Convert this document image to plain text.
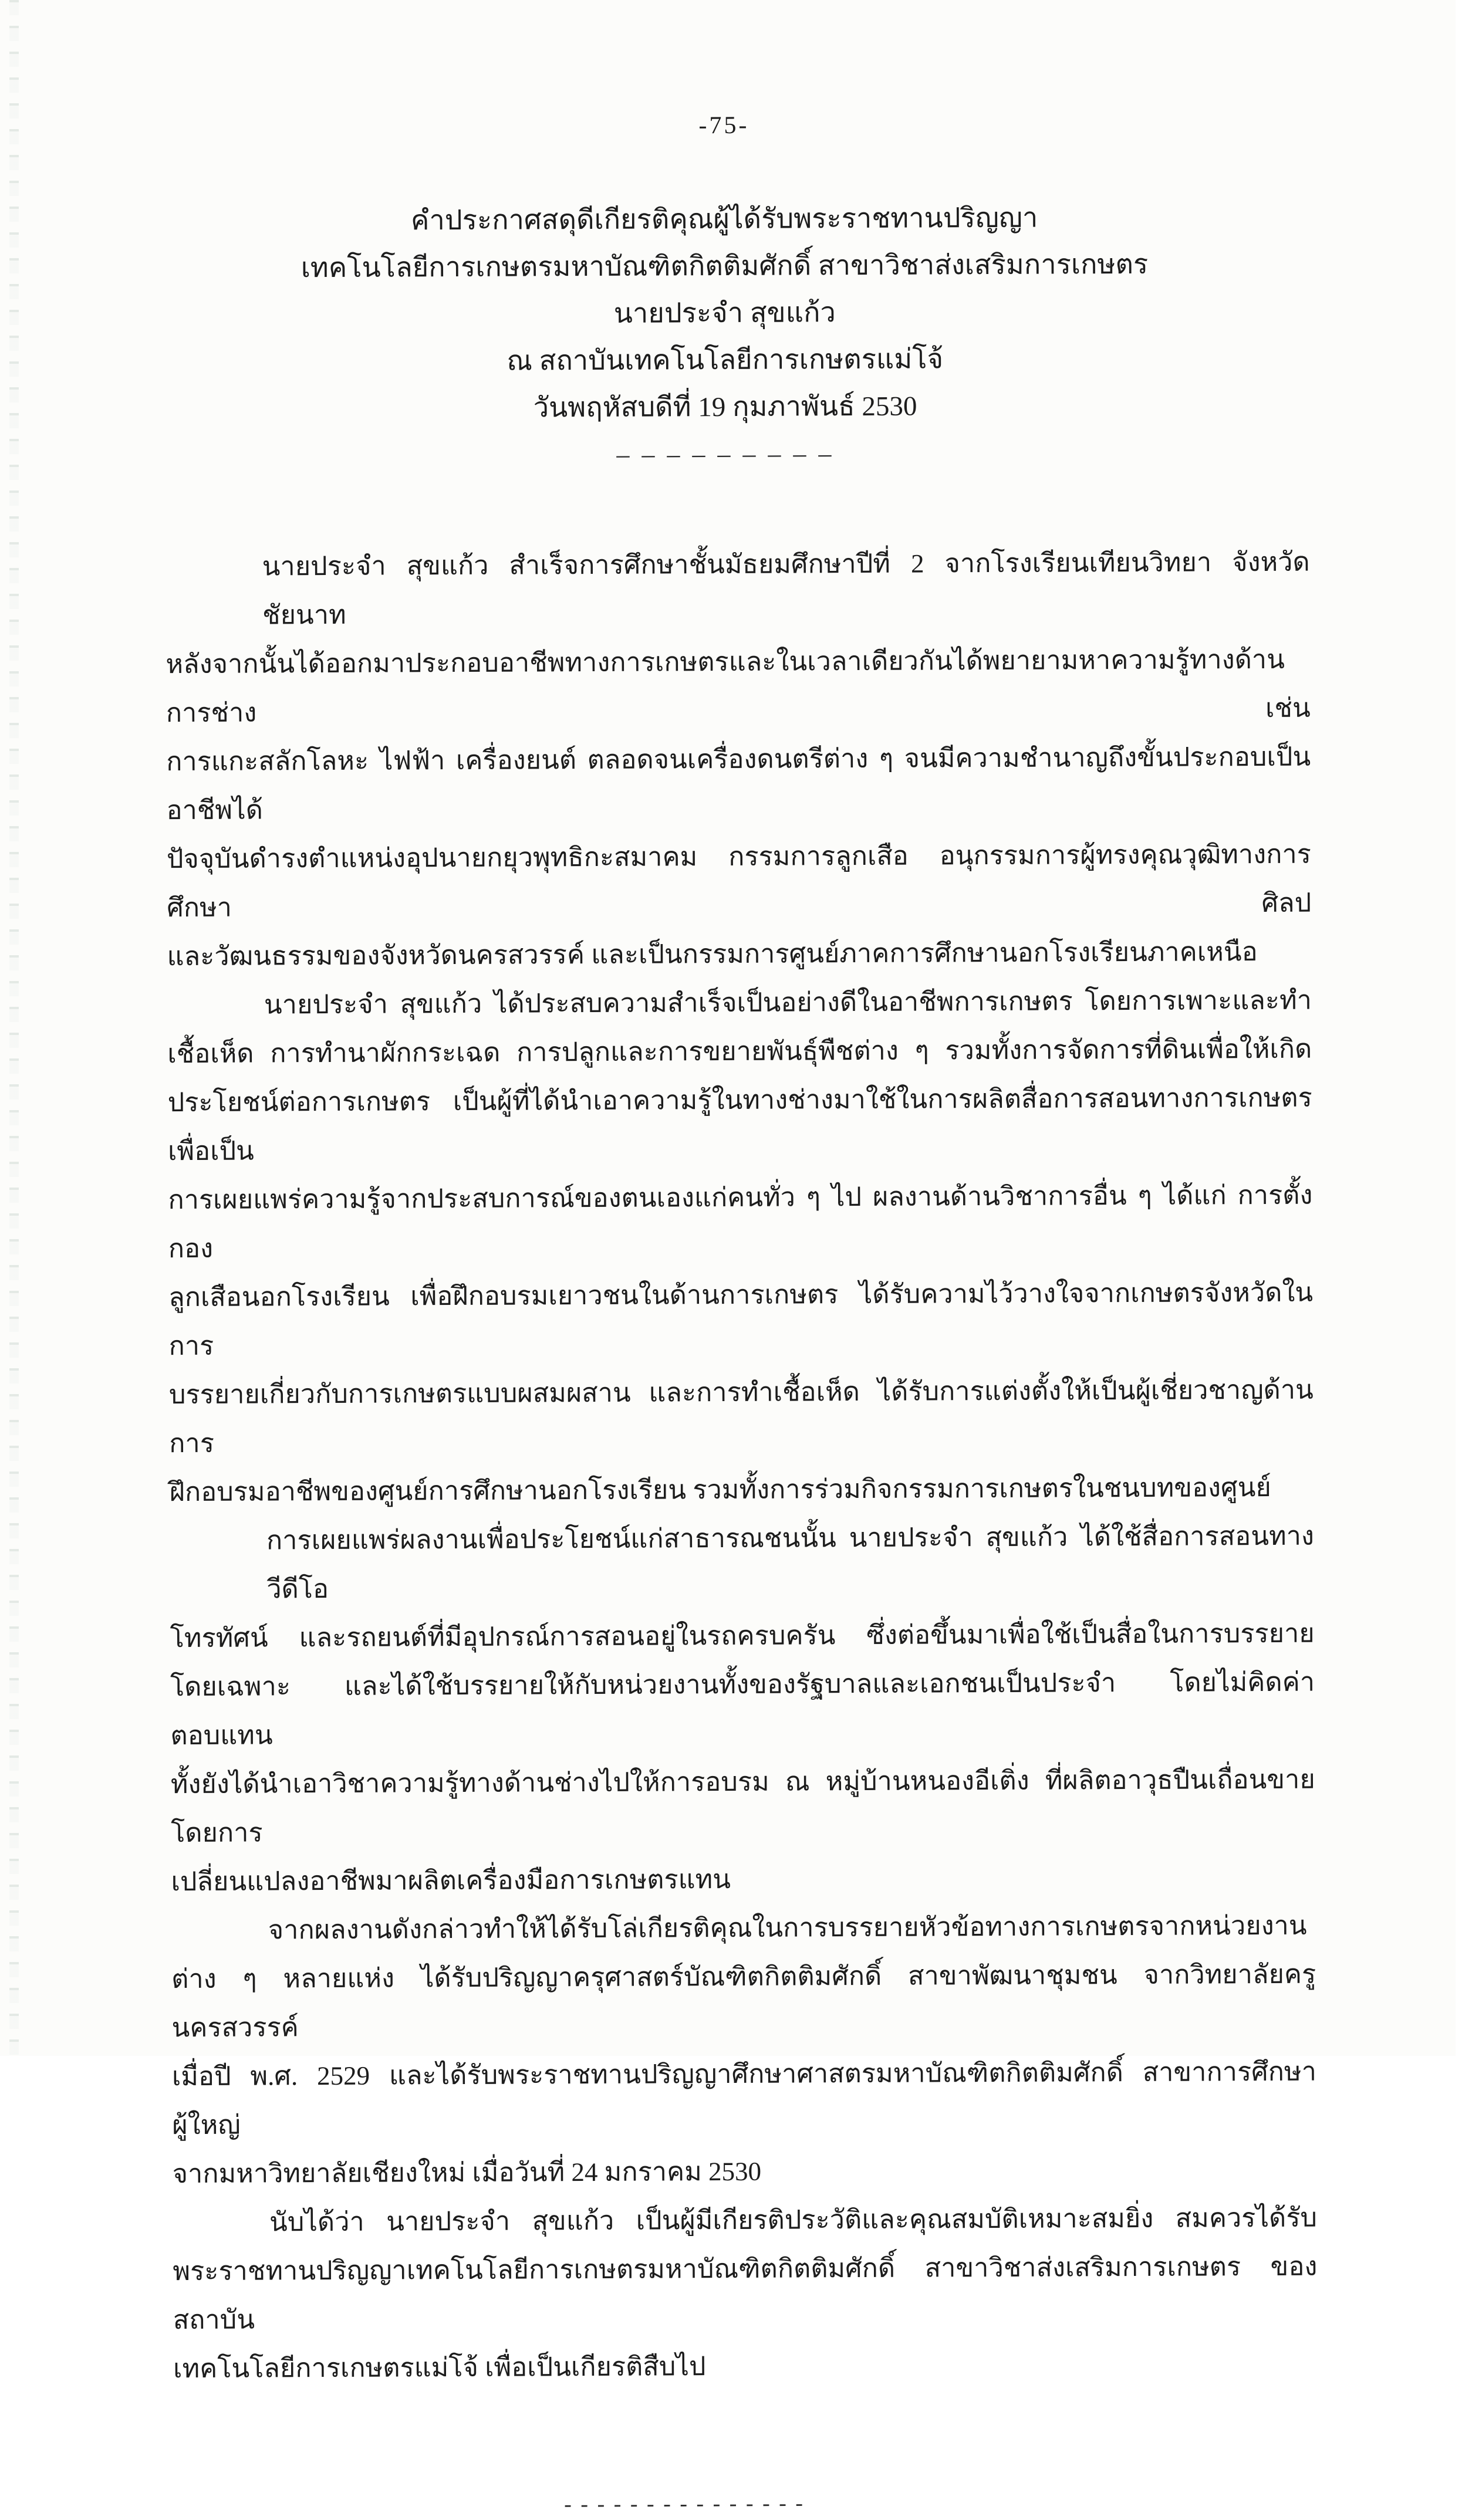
-75-
คำประกาศสดุดีเกียรติคุณผู้ได้รับพระราชทานปริญญา
เทคโนโลยีการเกษตรมหาบัณฑิตกิตติมศักดิ์ สาขาวิชาส่งเสริมการเกษตร
นายประจำ สุขแก้ว
ณ สถาบันเทคโนโลยีการเกษตรแม่โจ้
วันพฤหัสบดีที่ 19 กุมภาพันธ์ 2530
– – – – – – – – –
นายประจำ สุขแก้ว สำเร็จการศึกษาชั้นมัธยมศึกษาปีที่ 2 จากโรงเรียนเทียนวิทยา จังหวัดชัยนาท
หลังจากนั้นได้ออกมาประกอบอาชีพทางการเกษตรและในเวลาเดียวกันได้พยายามหาความรู้ทางด้านการช่าง เช่น
การแกะสลักโลหะ ไฟฟ้า เครื่องยนต์ ตลอดจนเครื่องดนตรีต่าง ๆ จนมีความชำนาญถึงขั้นประกอบเป็นอาชีพได้
ปัจจุบันดำรงตำแหน่งอุปนายกยุวพุทธิกะสมาคม กรรมการลูกเสือ อนุกรรมการผู้ทรงคุณวุฒิทางการศึกษา ศิลป
และวัฒนธรรมของจังหวัดนครสวรรค์ และเป็นกรรมการศูนย์ภาคการศึกษานอกโรงเรียนภาคเหนือ
นายประจำ สุขแก้ว ได้ประสบความสำเร็จเป็นอย่างดีในอาชีพการเกษตร โดยการเพาะและทำ
เชื้อเห็ด การทำนาผักกระเฉด การปลูกและการขยายพันธุ์พืชต่าง ๆ รวมทั้งการจัดการที่ดินเพื่อให้เกิด
ประโยชน์ต่อการเกษตร เป็นผู้ที่ได้นำเอาความรู้ในทางช่างมาใช้ในการผลิตสื่อการสอนทางการเกษตร เพื่อเป็น
การเผยแพร่ความรู้จากประสบการณ์ของตนเองแก่คนทั่ว ๆ ไป ผลงานด้านวิชาการอื่น ๆ ได้แก่ การตั้งกอง
ลูกเสือนอกโรงเรียน เพื่อฝึกอบรมเยาวชนในด้านการเกษตร ได้รับความไว้วางใจจากเกษตรจังหวัดในการ
บรรยายเกี่ยวกับการเกษตรแบบผสมผสาน และการทำเชื้อเห็ด ได้รับการแต่งตั้งให้เป็นผู้เชี่ยวชาญด้านการ
ฝึกอบรมอาชีพของศูนย์การศึกษานอกโรงเรียน รวมทั้งการร่วมกิจกรรมการเกษตรในชนบทของศูนย์
การเผยแพร่ผลงานเพื่อประโยชน์แก่สาธารณชนนั้น นายประจำ สุขแก้ว ได้ใช้สื่อการสอนทางวีดีโอ
โทรทัศน์ และรถยนต์ที่มีอุปกรณ์การสอนอยู่ในรถครบครัน ซึ่งต่อขึ้นมาเพื่อใช้เป็นสื่อในการบรรยาย
โดยเฉพาะ และได้ใช้บรรยายให้กับหน่วยงานทั้งของรัฐบาลและเอกชนเป็นประจำ โดยไม่คิดค่าตอบแทน
ทั้งยังได้นำเอาวิชาความรู้ทางด้านช่างไปให้การอบรม ณ หมู่บ้านหนองอีเติ่ง ที่ผลิตอาวุธปืนเถื่อนขาย โดยการ
เปลี่ยนแปลงอาชีพมาผลิตเครื่องมือการเกษตรแทน
จากผลงานดังกล่าวทำให้ได้รับโล่เกียรติคุณในการบรรยายหัวข้อทางการเกษตรจากหน่วยงาน
ต่าง ๆ หลายแห่ง ได้รับปริญญาครุศาสตร์บัณฑิตกิตติมศักดิ์ สาขาพัฒนาชุมชน จากวิทยาลัยครูนครสวรรค์
เมื่อปี พ.ศ. 2529 และได้รับพระราชทานปริญญาศึกษาศาสตรมหาบัณฑิตกิตติมศักดิ์ สาขาการศึกษาผู้ใหญ่
จากมหาวิทยาลัยเชียงใหม่ เมื่อวันที่ 24 มกราคม 2530
นับได้ว่า นายประจำ สุขแก้ว เป็นผู้มีเกียรติประวัติและคุณสมบัติเหมาะสมยิ่ง สมควรได้รับ
พระราชทานปริญญาเทคโนโลยีการเกษตรมหาบัณฑิตกิตติมศักดิ์ สาขาวิชาส่งเสริมการเกษตร ของสถาบัน
เทคโนโลยีการเกษตรแม่โจ้ เพื่อเป็นเกียรติสืบไป
- - - - - - - - - - - - - - -
